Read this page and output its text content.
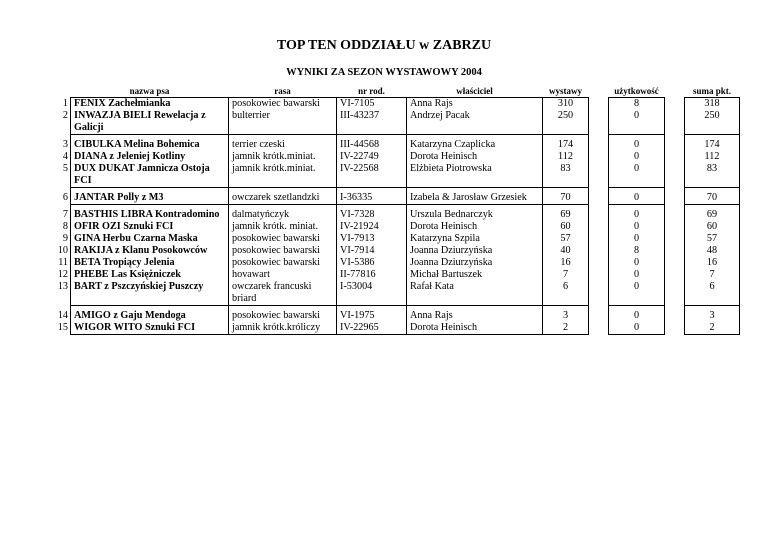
TOP TEN ODDZIAŁU w ZABRZU
WYNIKI ZA SEZON WYSTAWOWY 2004
	nazwa psa	rasa	nr rod.	właściciel	wystawy		użytkowość		suma pkt.
1	FENIX Zachełmianka	posokowiec bawarski	VI-7105	Anna Rajs	310		8		318
2	INWAZJA BIELI Rewelacja z Galicji	bulterrier	III-43237	Andrzej Pacak	250		0		250

3	CIBULKA Melina Bohemica	terrier czeski	III-44568	Katarzyna Czaplicka	174		0		174
4	DIANA z Jeleniej Kotliny	jamnik krótk.miniat.	IV-22749	Dorota Heinisch	112		0		112
5	DUX DUKAT Jamnicza Ostoja FCI	jamnik krótk.miniat.	IV-22568	Elżbieta Piotrowska	83		0		83

6	JANTAR Polly z M3	owczarek szetlandzki	I-36335	Izabela & Jarosław Grzesiek	70		0		70

7	BASTHIS LIBRA Kontradomino	dalmatyńczyk	VI-7328	Urszula Bednarczyk	69		0		69
8	OFIR OZI Sznuki FCI	jamnik krótk. miniat.	IV-21924	Dorota Heinisch	60		0		60
9	GINA Herbu Czarna Maska	posokowiec bawarski	VI-7913	Katarzyna Szpila	57		0		57
10	RAKIJA z Klanu Posokowców	posokowiec bawarski	VI-7914	Joanna Dziurzyńska	40		8		48
11	BETA Tropiący Jelenia	posokowiec bawarski	VI-5386	Joanna Dziurzyńska	16		0		16
12	PHEBE Las Księżniczek	hovawart	II-77816	Michał Bartuszek	7		0		7
13	BART z Pszczyńskiej Puszczy	owczarek francuski briard	I-53004	Rafał Kata	6		0		6

14	AMIGO z Gaju Mendoga	posokowiec bawarski	VI-1975	Anna Rajs	3		0		3
15	WIGOR WITO Sznuki FCI	jamnik krótk.króliczy	IV-22965	Dorota Heinisch	2		0		2
